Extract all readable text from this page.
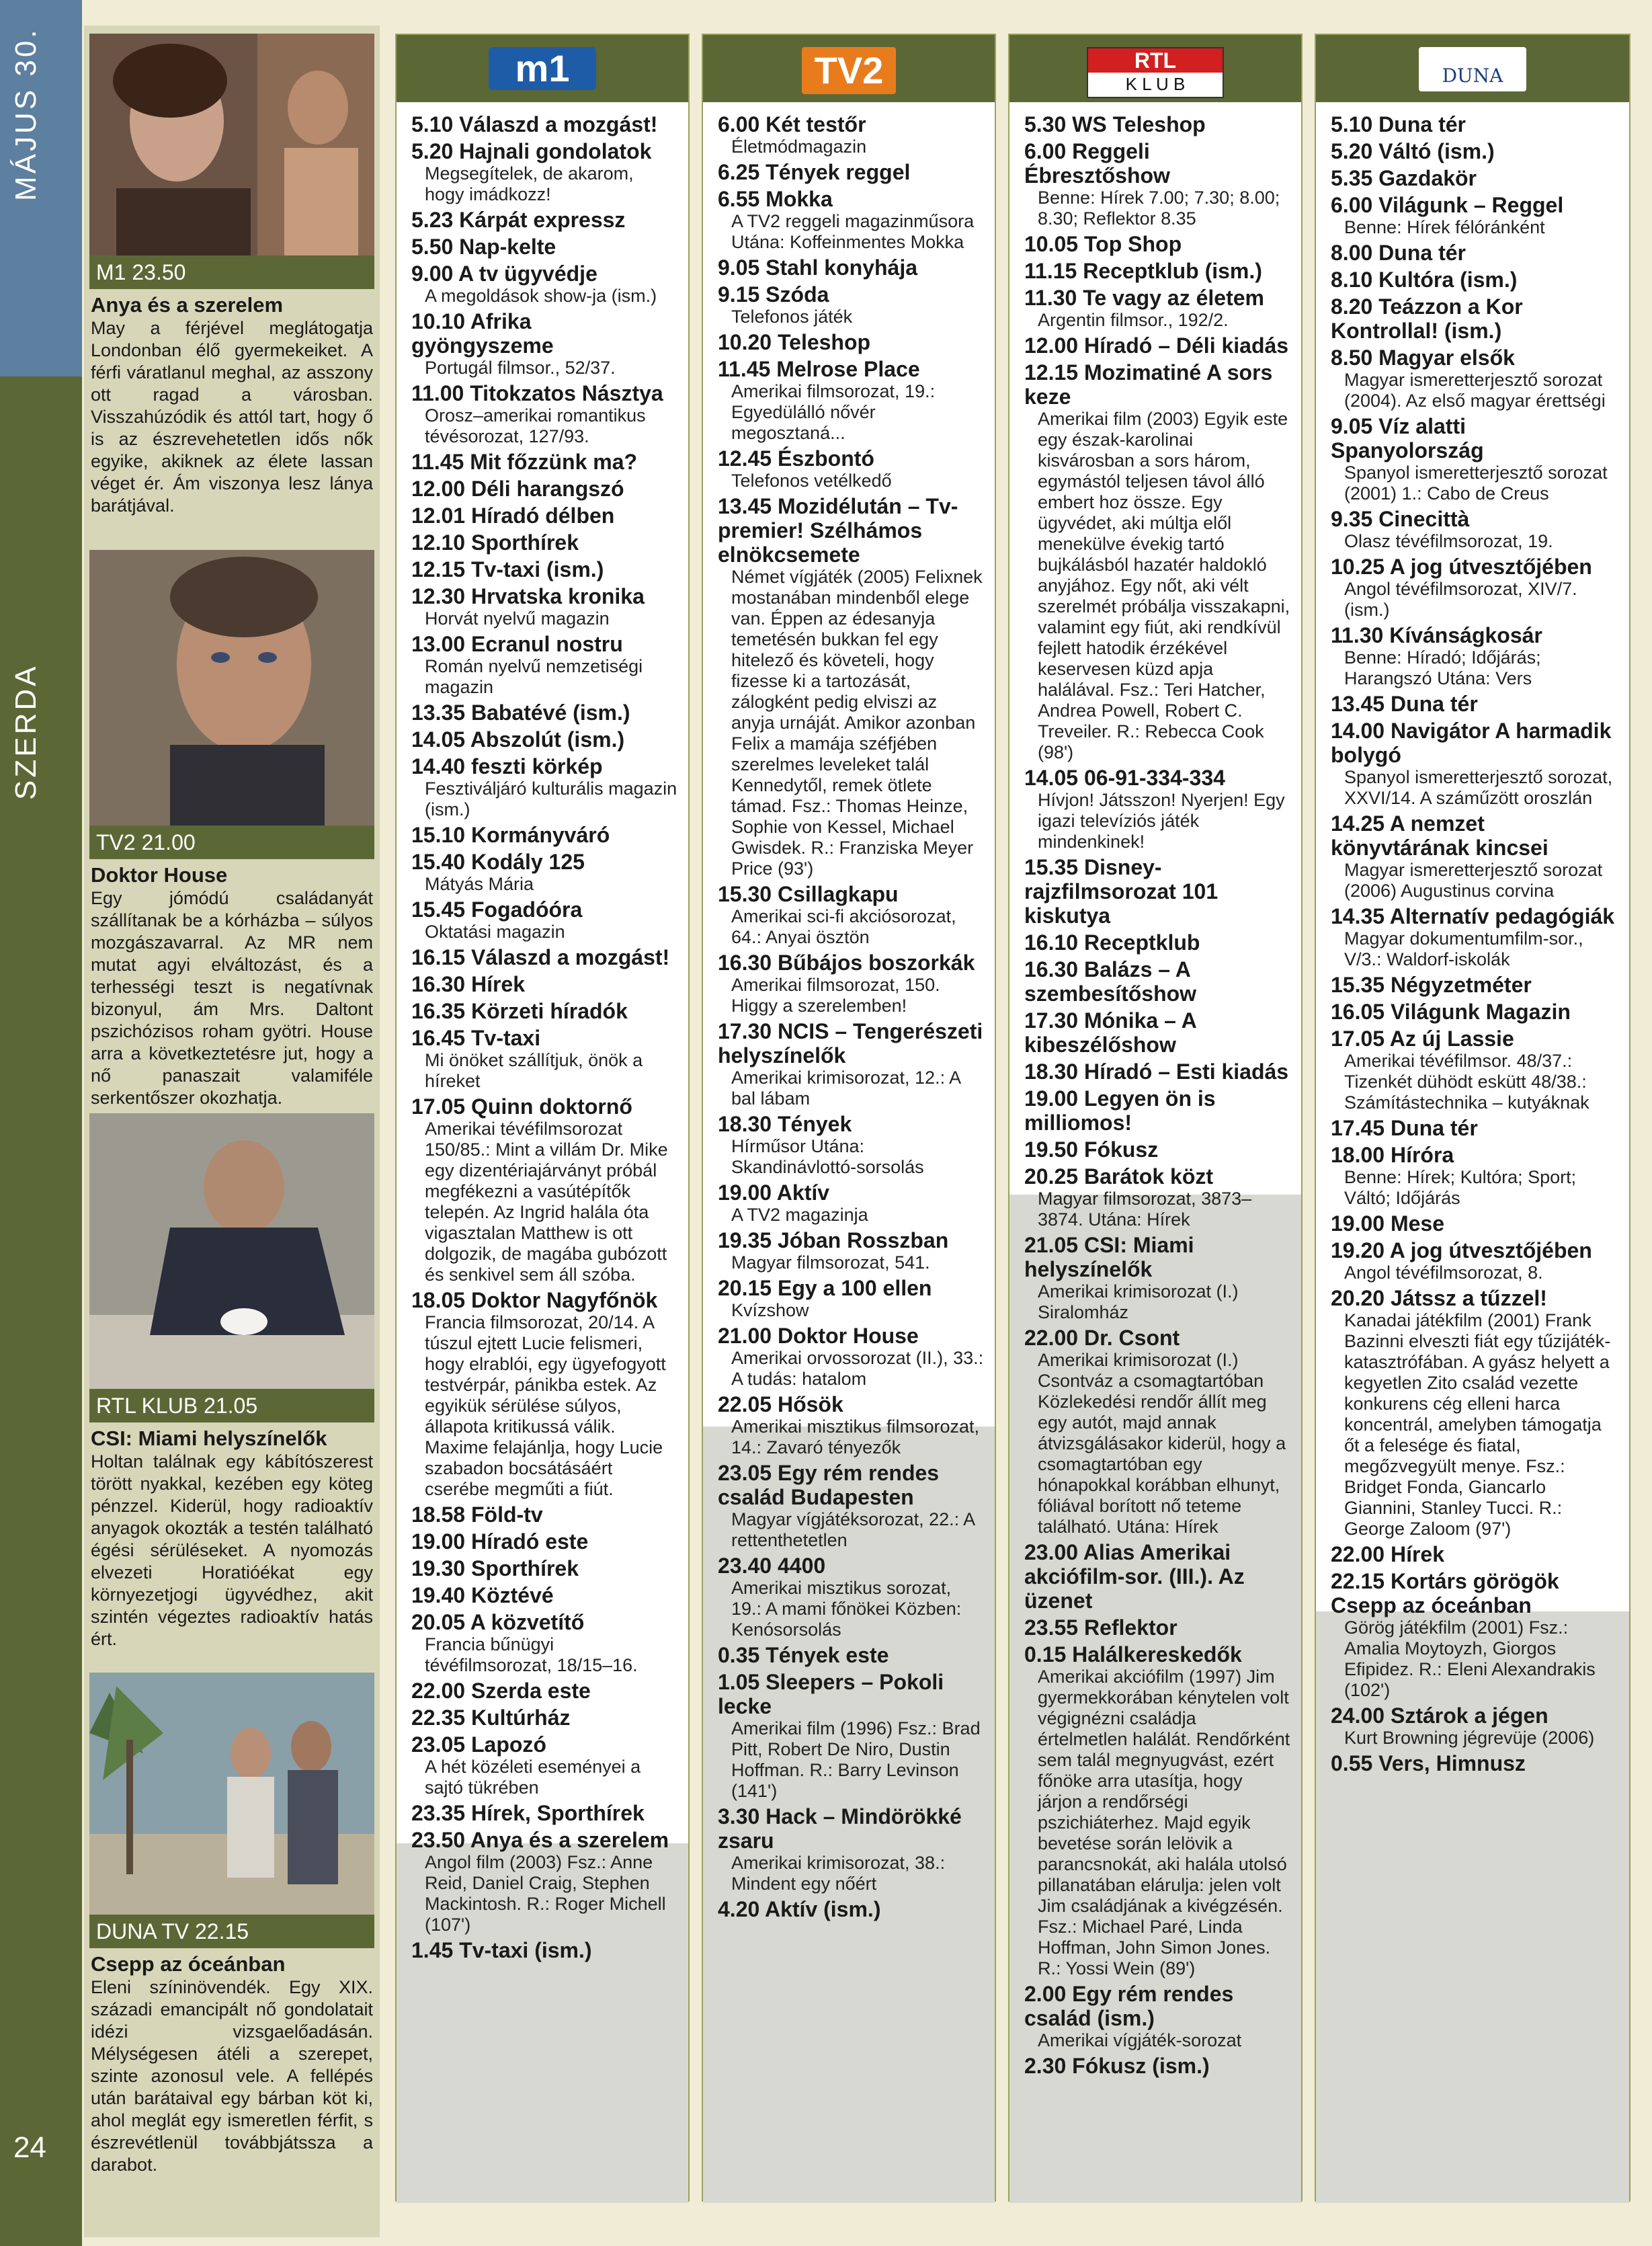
MÁJUS 30.
SZERDA
24
M1 23.50
Anya és a szerelem
May a férjével meglátogatja Londonban élő gyermekeiket. A férfi váratlanul meghal, az asszony ott ragad a városban. Visszahúzódik és attól tart, hogy ő is az észrevehetetlen idős nők egyike, akiknek az élete lassan véget ér. Ám viszonya lesz lánya barátjával.
TV2 21.00
Doktor House
Egy jómódú családanyát szállítanak be a kórházba – súlyos mozgászavarral. Az MR nem mutat agyi elváltozást, és a terhességi teszt is negatívnak bizonyul, ám Mrs. Daltont pszichózisos roham gyötri. House arra a következtetésre jut, hogy a nő panaszait valamiféle serkentőszer okozhatja.
RTL KLUB 21.05
CSI: Miami helyszínelők
Holtan találnak egy kábítószerest törött nyakkal, kezében egy köteg pénzzel. Kiderül, hogy radioaktív anyagok okozták a testén található égési sérüléseket. A nyomozás elvezeti Horatióékat egy környezetjogi ügyvédhez, akit szintén végeztes radioaktív hatás ért.
DUNA TV 22.15
Csepp az óceánban
Eleni színinövendék. Egy XIX. századi emancipált nő gondolatait idézi vizsgaelőadásán. Mélységesen átéli a szerepet, szinte azonosul vele. A fellépés után barátaival egy bárban köt ki, ahol meglát egy ismeretlen férfit, s észrevétlenül továbbjátssza a darabot.
m1
5.10 Válaszd a mozgást!
5.20 Hajnali gondolatok
Megsegítelek, de akarom, hogy imádkozz!
5.23 Kárpát expressz
5.50 Nap-kelte
9.00 A tv ügyvédje
A megoldások show-ja (ism.)
10.10 Afrika gyöngyszeme
Portugál filmsor., 52/37.
11.00 Titokzatos Násztya
Orosz–amerikai romantikus tévésorozat, 127/93.
11.45 Mit főzzünk ma?
12.00 Déli harangszó
12.01 Híradó délben
12.10 Sporthírek
12.15 Tv-taxi (ism.)
12.30 Hrvatska kronika
Horvát nyelvű magazin
13.00 Ecranul nostru
Román nyelvű nemzetiségi magazin
13.35 Babatévé (ism.)
14.05 Abszolút (ism.)
14.40 feszti körkép
Fesztiváljáró kulturális magazin (ism.)
15.10 Kormányváró
15.40 Kodály 125
Mátyás Mária
15.45 Fogadóóra
Oktatási magazin
16.15 Válaszd a mozgást!
16.30 Hírek
16.35 Körzeti híradók
16.45 Tv-taxi
Mi önöket szállítjuk, önök a híreket
17.05 Quinn doktornő
Amerikai tévéfilmsorozat 150/85.: Mint a villám Dr. Mike egy dizentériajárványt próbál megfékezni a vasútépítők telepén. Az Ingrid halála óta vigasztalan Matthew is ott dolgozik, de magába gubózott és senkivel sem áll szóba.
18.05 Doktor Nagyfőnök
Francia filmsorozat, 20/14. A túszul ejtett Lucie felismeri, hogy elrablói, egy ügyefogyott testvérpár, pánikba estek. Az egyikük sérülése súlyos, állapota kritikussá válik. Maxime felajánlja, hogy Lucie szabadon bocsátásáért cserébe megműti a fiút.
18.58 Föld-tv
19.00 Híradó este
19.30 Sporthírek
19.40 Köztévé
20.05 A közvetítő
Francia bűnügyi tévéfilmsorozat, 18/15–16.
22.00 Szerda este
22.35 Kultúrház
23.05 Lapozó
A hét közéleti eseményei a sajtó tükrében
23.35 Hírek, Sporthírek
23.50 Anya és a szerelem
Angol film (2003) Fsz.: Anne Reid, Daniel Craig, Stephen Mackintosh. R.: Roger Michell (107')
1.45 Tv-taxi (ism.)
TV2
6.00 Két testőr
Életmódmagazin
6.25 Tények reggel
6.55 Mokka
A TV2 reggeli magazinműsora Utána: Koffeinmentes Mokka
9.05 Stahl konyhája
9.15 Szóda
Telefonos játék
10.20 Teleshop
11.45 Melrose Place
Amerikai filmsorozat, 19.: Egyedülálló nővér megosztaná...
12.45 Észbontó
Telefonos vetélkedő
13.45 Mozidélután – Tv-premier! Szélhámos elnökcsemete
Német vígjáték (2005) Felixnek mostanában mindenből elege van. Éppen az édesanyja temetésén bukkan fel egy hitelező és követeli, hogy fizesse ki a tartozását, zálogként pedig elviszi az anyja urnáját. Amikor azonban Felix a mamája széfjében szerelmes leveleket talál Kennedytől, remek ötlete támad. Fsz.: Thomas Heinze, Sophie von Kessel, Michael Gwisdek. R.: Franziska Meyer Price (93')
15.30 Csillagkapu
Amerikai sci-fi akciósorozat, 64.: Anyai ösztön
16.30 Bűbájos boszorkák
Amerikai filmsorozat, 150. Higgy a szerelemben!
17.30 NCIS – Tengerészeti helyszínelők
Amerikai krimisorozat, 12.: A bal lábam
18.30 Tények
Hírműsor Utána: Skandinávlottó-sorsolás
19.00 Aktív
A TV2 magazinja
19.35 Jóban Rosszban
Magyar filmsorozat, 541.
20.15 Egy a 100 ellen
Kvízshow
21.00 Doktor House
Amerikai orvossorozat (II.), 33.: A tudás: hatalom
22.05 Hősök
Amerikai misztikus filmsorozat, 14.: Zavaró tényezők
23.05 Egy rém rendes család Budapesten
Magyar vígjátéksorozat, 22.: A rettenthetetlen
23.40 4400
Amerikai misztikus sorozat, 19.: A mami főnökei Közben: Kenósorsolás
0.35 Tények este
1.05 Sleepers – Pokoli lecke
Amerikai film (1996) Fsz.: Brad Pitt, Robert De Niro, Dustin Hoffman. R.: Barry Levinson (141')
3.30 Hack – Mindörökké zsaru
Amerikai krimisorozat, 38.: Mindent egy nőért
4.20 Aktív (ism.)
RTL
K L U B
5.30 WS Teleshop
6.00 Reggeli Ébresztőshow
Benne: Hírek 7.00; 7.30; 8.00; 8.30; Reflektor 8.35
10.05 Top Shop
11.15 Receptklub (ism.)
11.30 Te vagy az életem
Argentin filmsor., 192/2.
12.00 Híradó – Déli kiadás
12.15 Mozimatiné A sors keze
Amerikai film (2003) Egyik este egy észak-karolinai kisvárosban a sors három, egymástól teljesen távol álló embert hoz össze. Egy ügyvédet, aki múltja elől menekülve évekig tartó bujkálásból hazatér haldokló anyjához. Egy nőt, aki vélt szerelmét próbálja visszakapni, valamint egy fiút, aki rendkívül fejlett hatodik érzékével keservesen küzd apja halálával. Fsz.: Teri Hatcher, Andrea Powell, Robert C. Treveiler. R.: Rebecca Cook (98')
14.05 06-91-334-334
Hívjon! Játsszon! Nyerjen! Egy igazi televíziós játék mindenkinek!
15.35 Disney-rajzfilmsorozat 101 kiskutya
16.10 Receptklub
16.30 Balázs – A szembesítőshow
17.30 Mónika – A kibeszélőshow
18.30 Híradó – Esti kiadás
19.00 Legyen ön is milliomos!
19.50 Fókusz
20.25 Barátok közt
Magyar filmsorozat, 3873–3874. Utána: Hírek
21.05 CSI: Miami helyszínelők
Amerikai krimisorozat (I.) Siralomház
22.00 Dr. Csont
Amerikai krimisorozat (I.) Csontváz a csomagtartóban Közlekedési rendőr állít meg egy autót, majd annak átvizsgálásakor kiderül, hogy a csomagtartóban egy hónapokkal korábban elhunyt, fóliával borított nő teteme található. Utána: Hírek
23.00 Alias Amerikai akciófilm-sor. (III.). Az üzenet
23.55 Reflektor
0.15 Halálkereskedők
Amerikai akciófilm (1997) Jim gyermekkorában kénytelen volt végignézni családja értelmetlen halálát. Rendőrként sem talál megnyugvást, ezért főnöke arra utasítja, hogy járjon a rendőrségi pszichiáterhez. Majd egyik bevetése során lelövik a parancsnokát, aki halála utolsó pillanatában elárulja: jelen volt Jim családjának a kivégzésén. Fsz.: Michael Paré, Linda Hoffman, John Simon Jones. R.: Yossi Wein (89')
2.00 Egy rém rendes család (ism.)
Amerikai vígjáték-sorozat
2.30 Fókusz (ism.)
DUNA
5.10 Duna tér
5.20 Váltó (ism.)
5.35 Gazdakör
6.00 Világunk – Reggel
Benne: Hírek félóránként
8.00 Duna tér
8.10 Kultóra (ism.)
8.20 Teázzon a Kor Kontrollal! (ism.)
8.50 Magyar elsők
Magyar ismeretterjesztő sorozat (2004). Az első magyar érettségi
9.05 Víz alatti Spanyolország
Spanyol ismeretterjesztő sorozat (2001) 1.: Cabo de Creus
9.35 Cinecittà
Olasz tévéfilmsorozat, 19.
10.25 A jog útvesztőjében
Angol tévéfilmsorozat, XIV/7. (ism.)
11.30 Kívánságkosár
Benne: Híradó; Időjárás; Harangszó Utána: Vers
13.45 Duna tér
14.00 Navigátor A harmadik bolygó
Spanyol ismeretterjesztő sorozat, XXVI/14. A száműzött oroszlán
14.25 A nemzet könyvtárának kincsei
Magyar ismeretterjesztő sorozat (2006) Augustinus corvina
14.35 Alternatív pedagógiák
Magyar dokumentumfilm-sor., V/3.: Waldorf-iskolák
15.35 Négyzetméter
16.05 Világunk Magazin
17.05 Az új Lassie
Amerikai tévéfilmsor. 48/37.: Tizenkét dühödt eskütt 48/38.: Számítástechnika – kutyáknak
17.45 Duna tér
18.00 Híróra
Benne: Hírek; Kultóra; Sport; Váltó; Időjárás
19.00 Mese
19.20 A jog útvesztőjében
Angol tévéfilmsorozat, 8.
20.20 Játssz a tűzzel!
Kanadai játékfilm (2001) Frank Bazinni elveszti fiát egy tűzijáték-katasztrófában. A gyász helyett a kegyetlen Zito család vezette konkurens cég elleni harca koncentrál, amelyben támogatja őt a felesége és fiatal, megőzvegyült menye. Fsz.: Bridget Fonda, Giancarlo Giannini, Stanley Tucci. R.: George Zaloom (97')
22.00 Hírek
22.15 Kortárs görögök Csepp az óceánban
Görög játékfilm (2001) Fsz.: Amalia Moytoyzh, Giorgos Efipidez. R.: Eleni Alexandrakis (102')
24.00 Sztárok a jégen
Kurt Browning jégrevüje (2006)
0.55 Vers, Himnusz
